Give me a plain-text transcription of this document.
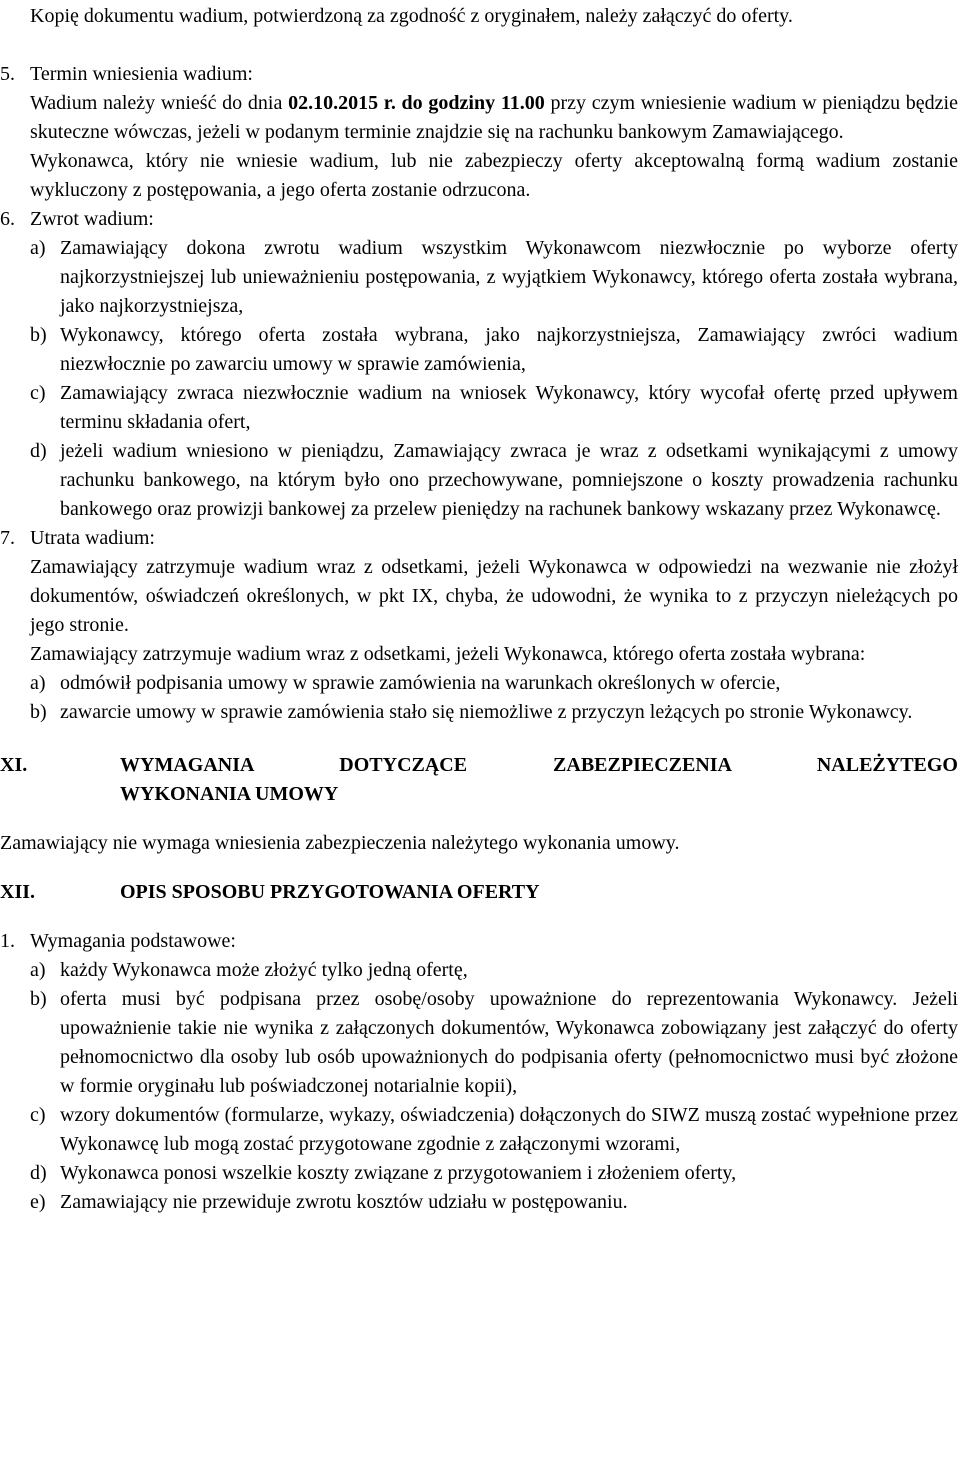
Kopię dokumentu wadium, potwierdzoną za zgodność z oryginałem, należy załączyć do oferty.

5. Termin wniesienia wadium:

Wadium należy wnieść do dnia 02.10.2015 r. do godziny 11.00 przy czym wniesienie wadium w pieniądzu będzie skuteczne wówczas, jeżeli w podanym terminie znajdzie się na rachunku bankowym Zamawiającego.

Wykonawca, który nie wniesie wadium, lub nie zabezpieczy oferty akceptowalną formą wadium zostanie wykluczony z postępowania, a jego oferta zostanie odrzucona.

6. Zwrot wadium:
a) Zamawiający dokona zwrotu wadium wszystkim Wykonawcom niezwłocznie po wyborze oferty najkorzystniejszej lub unieważnieniu postępowania, z wyjątkiem Wykonawcy, którego oferta została wybrana, jako najkorzystniejsza,
b) Wykonawcy, którego oferta została wybrana, jako najkorzystniejsza, Zamawiający zwróci wadium niezwłocznie po zawarciu umowy w sprawie zamówienia,
c) Zamawiający zwraca niezwłocznie wadium na wniosek Wykonawcy, który wycofał ofertę przed upływem terminu składania ofert,
d) jeżeli wadium wniesiono w pieniądzu, Zamawiający zwraca je wraz z odsetkami wynikającymi z umowy rachunku bankowego, na którym było ono przechowywane, pomniejszone o koszty prowadzenia rachunku bankowego oraz prowizji bankowej za przelew pieniędzy na rachunek bankowy wskazany przez Wykonawcę.
7. Utrata wadium:

Zamawiający zatrzymuje wadium wraz z odsetkami, jeżeli Wykonawca w odpowiedzi na wezwanie nie złożył dokumentów, oświadczeń określonych, w pkt IX, chyba, że udowodni, że wynika to z przyczyn nieleżących po jego stronie.

Zamawiający zatrzymuje wadium wraz z odsetkami, jeżeli Wykonawca, którego oferta została wybrana:

a) odmówił podpisania umowy w sprawie zamówienia na warunkach określonych w ofercie,
b) zawarcie umowy w sprawie zamówienia stało się niemożliwe z przyczyn leżących po stronie Wykonawcy.
XI.	WYMAGANIA DOTYCZĄCE ZABEZPIECZENIA NALEŻYTEGO
WYKONANIA UMOWY

Zamawiający nie wymaga wniesienia zabezpieczenia należytego wykonania umowy.

XII.	OPIS SPOSOBU PRZYGOTOWANIA OFERTY
1. Wymagania podstawowe:
a) każdy Wykonawca może złożyć tylko jedną ofertę,
b) oferta musi być podpisana przez osobę/osoby upoważnione do reprezentowania Wykonawcy. Jeżeli upoważnienie takie nie wynika z załączonych dokumentów, Wykonawca zobowiązany jest załączyć do oferty pełnomocnictwo dla osoby lub osób upoważnionych do podpisania oferty (pełnomocnictwo musi być złożone w formie oryginału lub poświadczonej notarialnie kopii),
c) wzory dokumentów (formularze, wykazy, oświadczenia) dołączonych do SIWZ muszą zostać wypełnione przez Wykonawcę lub mogą zostać przygotowane zgodnie z załączonymi wzorami,
d) Wykonawca ponosi wszelkie koszty związane z przygotowaniem i złożeniem oferty,
e) Zamawiający nie przewiduje zwrotu kosztów udziału w postępowaniu.
